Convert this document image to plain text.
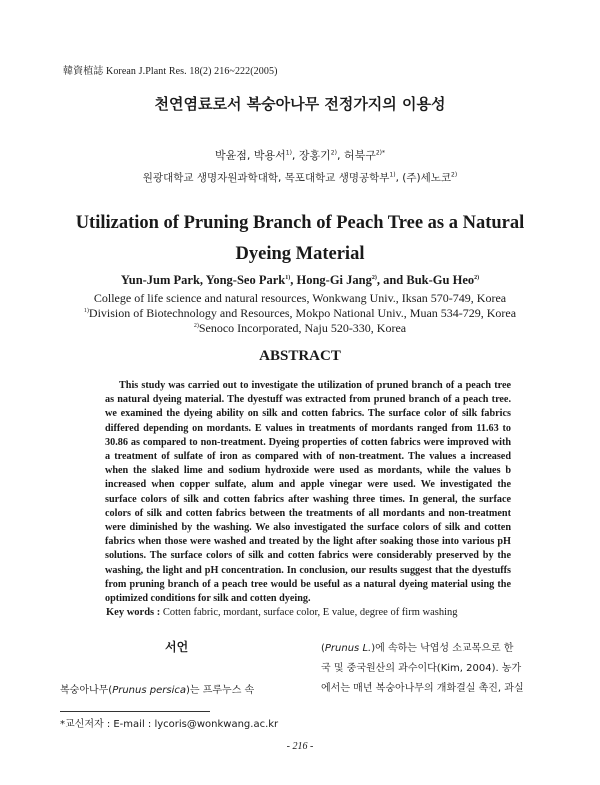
韓資植誌 Korean J.Plant Res. 18(2) 216~222(2005)
천연염료로서 복숭아나무 전정가지의 이용성
박윤점, 박용서$^{1)}$, 장홍기$^{2)}$, 허북구$^{2)*}$
원광대학교 생명자원과학대학, 목포대학교 생명공학부$^{1)}$, (주)세노코$^{2)}$
Utilization of Pruning Branch of Peach Tree as a Natural Dyeing Material
Yun-Jum Park, Yong-Seo Park$^{1)}$, Hong-Gi Jang$^{2)}$, and Buk-Gu Heo$^{2)}$
College of life science and natural resources, Wonkwang Univ., Iksan 570-749, Korea
$^{1)}$Division of Biotechnology and Resources, Mokpo National Univ., Muan 534-729, Korea
$^{2)}$Senoco Incorporated, Naju 520-330, Korea
ABSTRACT
This study was carried out to investigate the utilization of pruned branch of a peach tree as natural dyeing material. The dyestuff was extracted from pruned branch of a peach tree. we examined the dyeing ability on silk and cotten fabrics. The surface color of silk fabrics differed depending on mordants. E values in treatments of mordants ranged from 11.63 to 30.86 as compared to non-treatment. Dyeing properties of cotten fabrics were improved with a treatment of sulfate of iron as compared with of non-treatment. The values a increased when the slaked lime and sodium hydroxide were used as mordants, while the values b increased when copper sulfate, alum and apple vinegar were used. We investigated the surface colors of silk and cotten fabrics after washing three times. In general, the surface colors of silk and cotten fabrics between the treatments of all mordants and non-treatment were diminished by the washing. We also investigated the surface colors of silk and cotten fabrics when those were washed and treated by the light after soaking those into various pH solutions. The surface colors of silk and cotten fabrics were considerably preserved by the washing, the light and pH concentration. In conclusion, our results suggest that the dyestuffs from pruning branch of a peach tree would be useful as a natural dyeing material using the optimized conditions for silk and cotten dyeing.
Key words : Cotten fabric, mordant, surface color, E value, degree of firm washing
서언
복숭아나무(Prunus persica)는 프루누스 속
(Prunus L.)에 속하는 낙엽성 소교목으로 한
국 및 중국원산의 과수이다(Kim, 2004). 농가
에서는 매년 복숭아나무의 개화결실 촉진, 과실
*교신저자 : E-mail : lycoris@wonkwang.ac.kr
- 216 -
